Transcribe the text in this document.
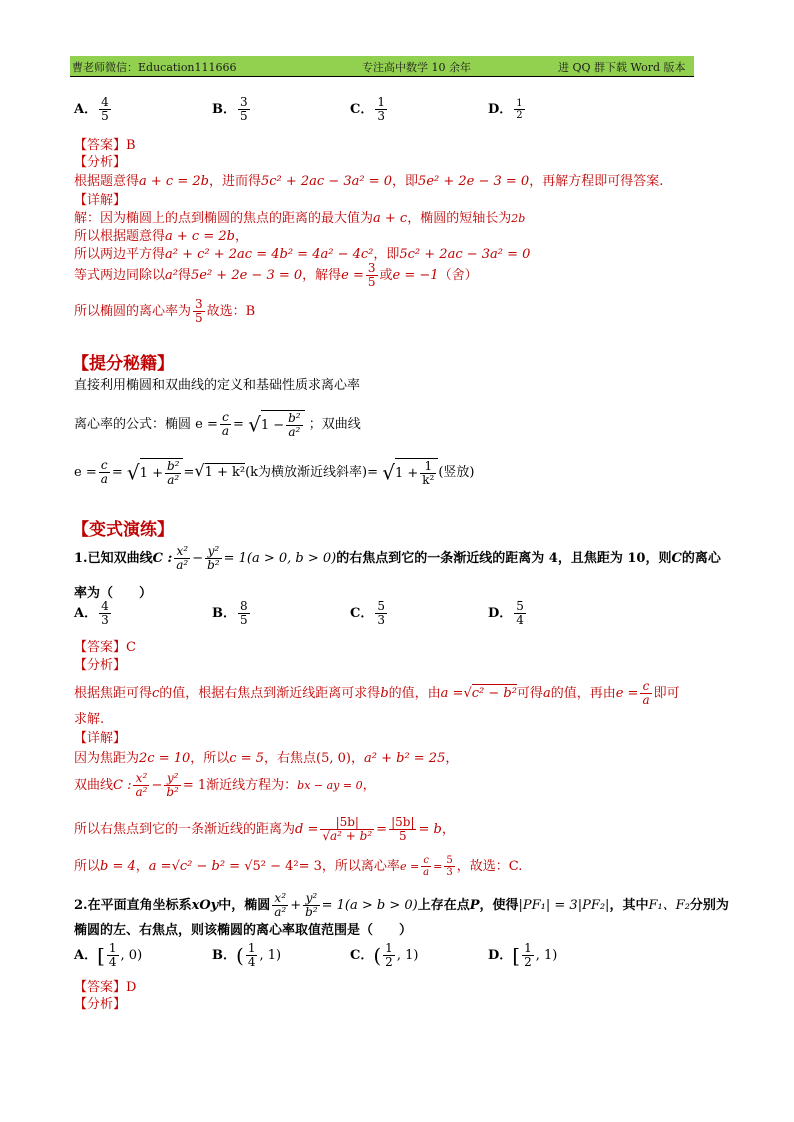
曹老师微信：Education111666	专注高中数学 10 余年	进 QQ 群下载 Word 版本
A． $\frac{4}{5}$	B． $\frac{3}{5}$	C． $\frac{1}{3}$	D． $\frac{1}{2}$
【答案】B
【分析】
根据题意得a + c = 2b，进而得5c² + 2ac − 3a² = 0，即5e² + 2e − 3 = 0，再解方程即可得答案.
【详解】
解：因为椭圆上的点到椭圆的焦点的距离的最大值为a + c，椭圆的短轴长为2b
所以根据题意得a + c = 2b，
所以两边平方得a² + c² + 2ac = 4b² = 4a² − 4c²，即5c² + 2ac − 3a² = 0
等式两边同除以a²得5e² + 2e − 3 = 0，解得$e = \frac{3}{5}$ 或e = −1（舍）
所以椭圆的离心率为 $\frac{3}{5}$ 故选：B
【提分秘籍】
直接利用椭圆和双曲线的定义和基础性质求离心率
离心率的公式：椭圆 $e = \frac{c}{a} = √1 - \frac{\text{b²}}{\text{a²}}$ ；双曲线
$e = \frac{c}{a} = √1 + \frac{\text{b²}}{\text{a²}} =√1 + k^2(k$为横放渐近线斜率)= $√1 + \frac{1}{\text{k²}}$ (竖放)
【变式演练】
1.已知双曲线C : $\frac{\text{x²}}{\text{a²}} - \frac{\text{y²}}{\text{b²}} = 1(a > 0$, b > 0)的右焦点到它的一条渐近线的距离为 4，且焦距为 10，则C的离心
率为（　　）
A． $\frac{4}{3}$	B． $\frac{8}{5}$	C． $\frac{5}{3}$	D． $\frac{5}{4}$
【答案】C
【分析】
根据焦距可得c的值，根据右焦点到渐近线距离可求得b的值，由a =√c² − b²可得a的值，再由$e = \frac{c}{a}$ 即可
求解.
【详解】
因为焦距为2c = 10，所以c = 5，右焦点(5, 0)，a² + b² = 25，
双曲线C : $\frac{\text{x²}}{\text{a²}} - \frac{\text{y²}}{\text{b²}} = 1$渐近线方程为：bx − ay = 0，
所以右焦点到它的一条渐近线的距离为$d = \frac{|5b|}{\text{√a² + b²}} = \frac{|5b|}{5} = b$，
所以b = 4，a =√c² − b² = √5² − 4²= 3，所以离心率$e = \frac{c}{a} = \frac{5}{3}$ ，故选：C.
2.在平面直角坐标系xOy中，椭圆 $\frac{\text{x²}}{\text{a²}} + \frac{\text{y²}}{\text{b²}} = 1(a > b > 0)$上存在点P，使得|PF₁| = 3|PF₂|，其中F₁、F₂分别为
椭圆的左、右焦点，则该椭圆的离心率取值范围是（　　）
A．[ $\frac{1}{4}$ , 0)	B．( $\frac{1}{4}$ , 1)	C．( $\frac{1}{2}$ , 1)	D．[ $\frac{1}{2}$ , 1)
【答案】D
【分析】
